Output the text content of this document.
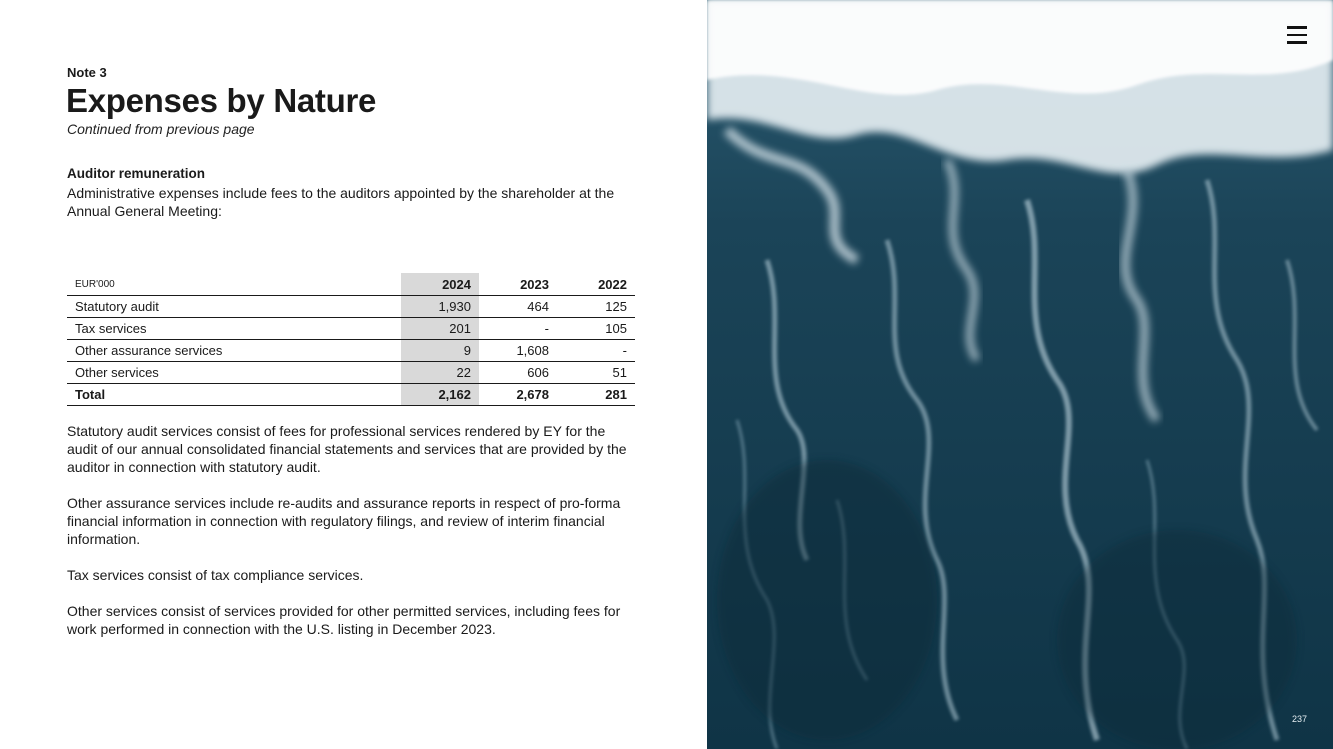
Note 3
Expenses by Nature
Continued from previous page
Auditor remuneration
Administrative expenses include fees to the auditors appointed by the shareholder at the Annual General Meeting:
EUR'000	2024	2023	2022
Statutory audit	1,930	464	125
Tax services	201	-	105
Other assurance services	9	1,608	-
Other services	22	606	51
Total	2,162	2,678	281

Statutory audit services consist of fees for professional services rendered by EY for the audit of our annual consolidated financial statements and services that are provided by the auditor in connection with statutory audit.

Other assurance services include re-audits and assurance reports in respect of pro-forma financial information in connection with regulatory filings, and review of interim financial information.

Tax services consist of tax compliance services.

Other services consist of services provided for other permitted services, including fees for work performed in connection with the U.S. listing in December 2023.

237
